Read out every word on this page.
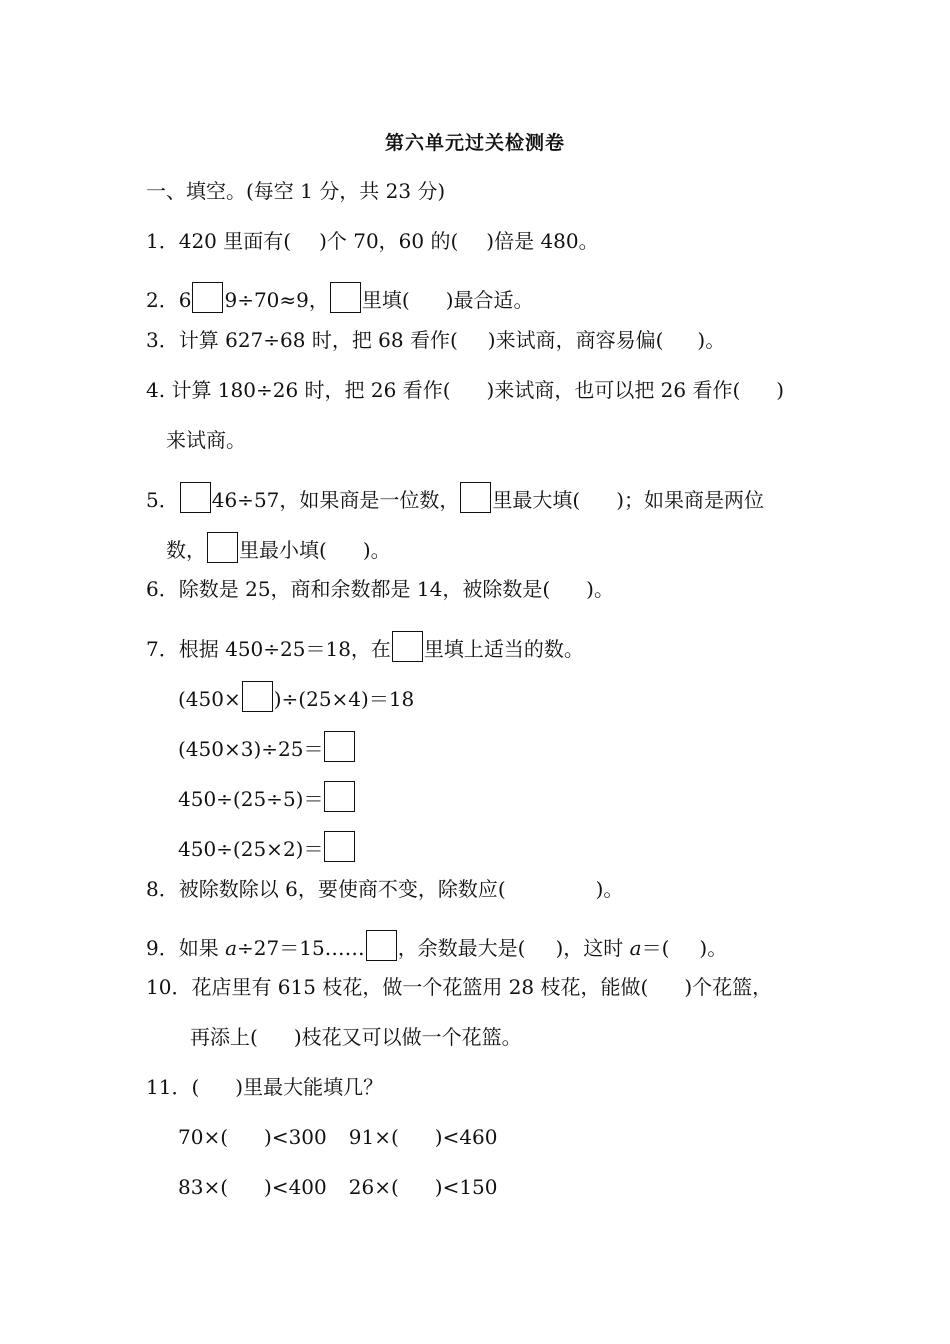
第六单元过关检测卷
一、填空。(每空 1 分，共 23 分)
1．420 里面有( )个 70，60 的( )倍是 480。
2．6 9÷70≈9， 里填( )最合适。
3．计算 627÷68 时，把 68 看作( )来试商，商容易偏( )。
4. 计算 180÷26 时，把 26 看作( )来试商，也可以把 26 看作( )
来试商。
5． 46÷57，如果商是一位数， 里最大填( )；如果商是两位
数， 里最小填( )。
6．除数是 25，商和余数都是 14，被除数是( )。
7．根据 450÷25＝18，在 里填上适当的数。
(450× )÷(25×4)＝18
(450×3)÷25＝
450÷(25÷5)＝
450÷(25×2)＝
8．被除数除以 6，要使商不变，除数应(	)。
9．如果 a÷27＝15…… ，余数最大是( )，这时 a＝( )。
10．花店里有 615 枝花，做一个花篮用 28 枝花，能做( )个花篮，
再添上( )枝花又可以做一个花篮。
11．( )里最大能填几？
70×( )<300 91×( )<460
83×( )<400 26×( )<150
